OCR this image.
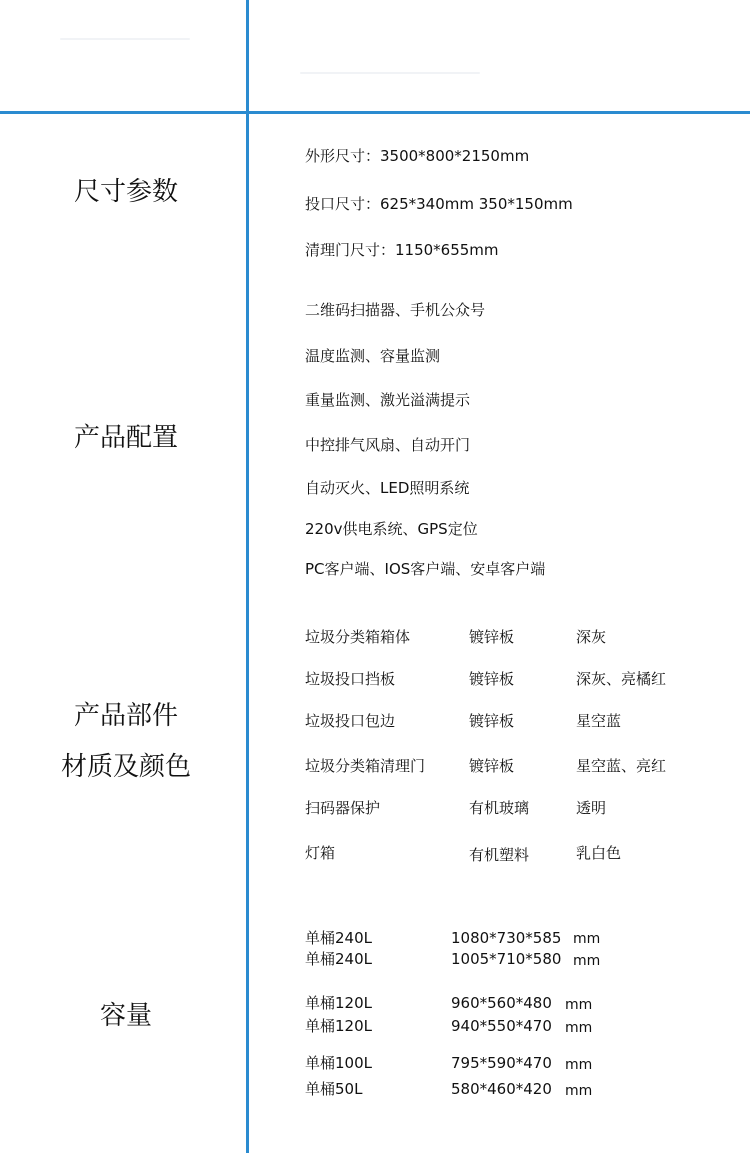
尺寸参数
外形尺寸：3500*800*2150mm
投口尺寸：625*340mm 350*150mm
清理门尺寸：1150*655mm
产品配置
二维码扫描器、手机公众号
温度监测、容量监测
重量监测、激光溢满提示
中控排气风扇、自动开门
自动灭火、LED照明系统
220v供电系统、GPS定位
PC客户端、IOS客户端、安卓客户端
产品部件
材质及颜色
垃圾分类箱箱体	镀锌板	深灰
垃圾投口挡板	镀锌板	深灰、亮橘红
垃圾投口包边	镀锌板	星空蓝
垃圾分类箱清理门	镀锌板	星空蓝、亮红
扫码器保护	有机玻璃	透明
灯箱	有机塑料	乳白色
容量
单桶240L	1080*730*585 mm
单桶240L	1005*710*580 mm
单桶120L	960*560*480 mm
单桶120L	940*550*470 mm
单桶100L	795*590*470 mm
单桶50L	580*460*420 mm
